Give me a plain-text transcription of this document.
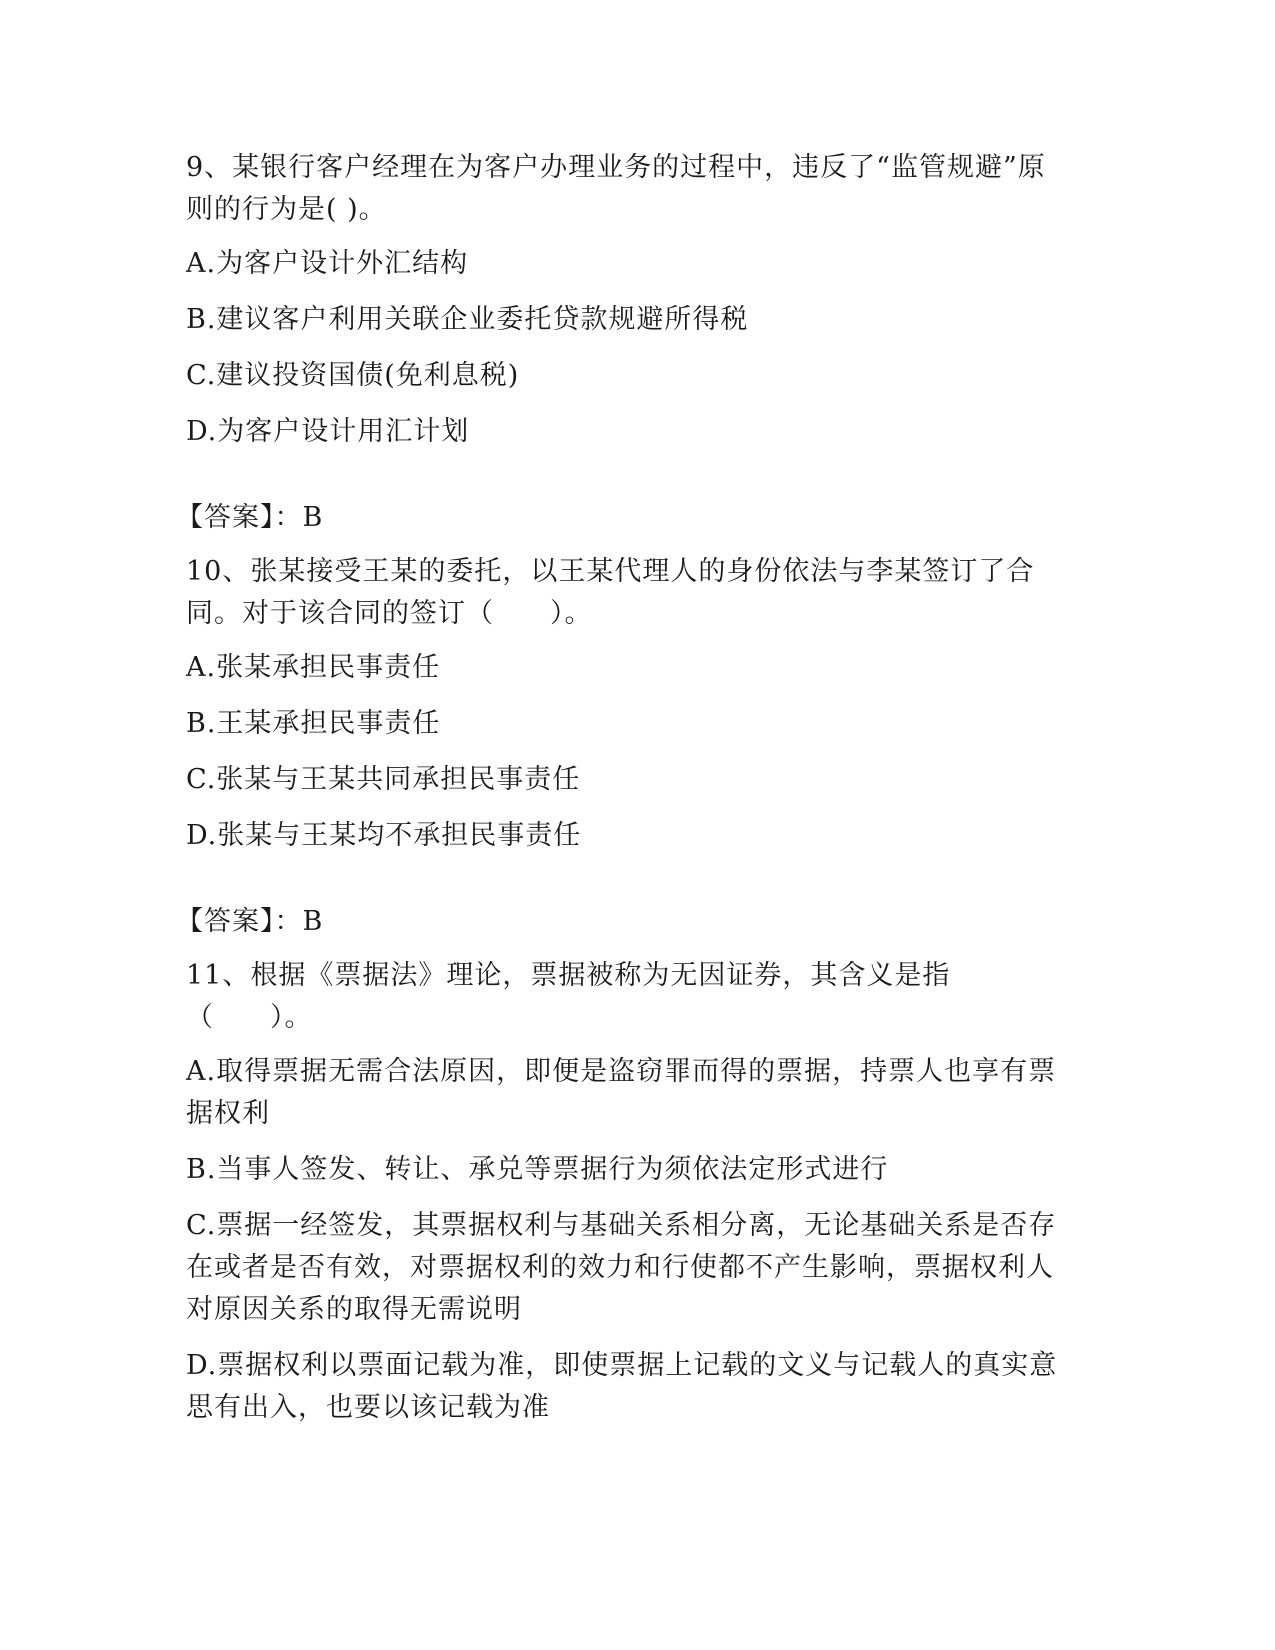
9、某银行客户经理在为客户办理业务的过程中，违反了“监管规避”原则的行为是( )。

A.为客户设计外汇结构

B.建议客户利用关联企业委托贷款规避所得税

C.建议投资国债(免利息税)

D.为客户设计用汇计划

【答案】：B

10、张某接受王某的委托，以王某代理人的身份依法与李某签订了合同。对于该合同的签订（　　）。

A.张某承担民事责任

B.王某承担民事责任

C.张某与王某共同承担民事责任

D.张某与王某均不承担民事责任

【答案】：B

11、根据《票据法》理论，票据被称为无因证券，其含义是指（　　）。

A.取得票据无需合法原因，即便是盗窃罪而得的票据，持票人也享有票据权利

B.当事人签发、转让、承兑等票据行为须依法定形式进行

C.票据一经签发，其票据权利与基础关系相分离，无论基础关系是否存在或者是否有效，对票据权利的效力和行使都不产生影响，票据权利人对原因关系的取得无需说明

D.票据权利以票面记载为准，即使票据上记载的文义与记载人的真实意思有出入，也要以该记载为准
